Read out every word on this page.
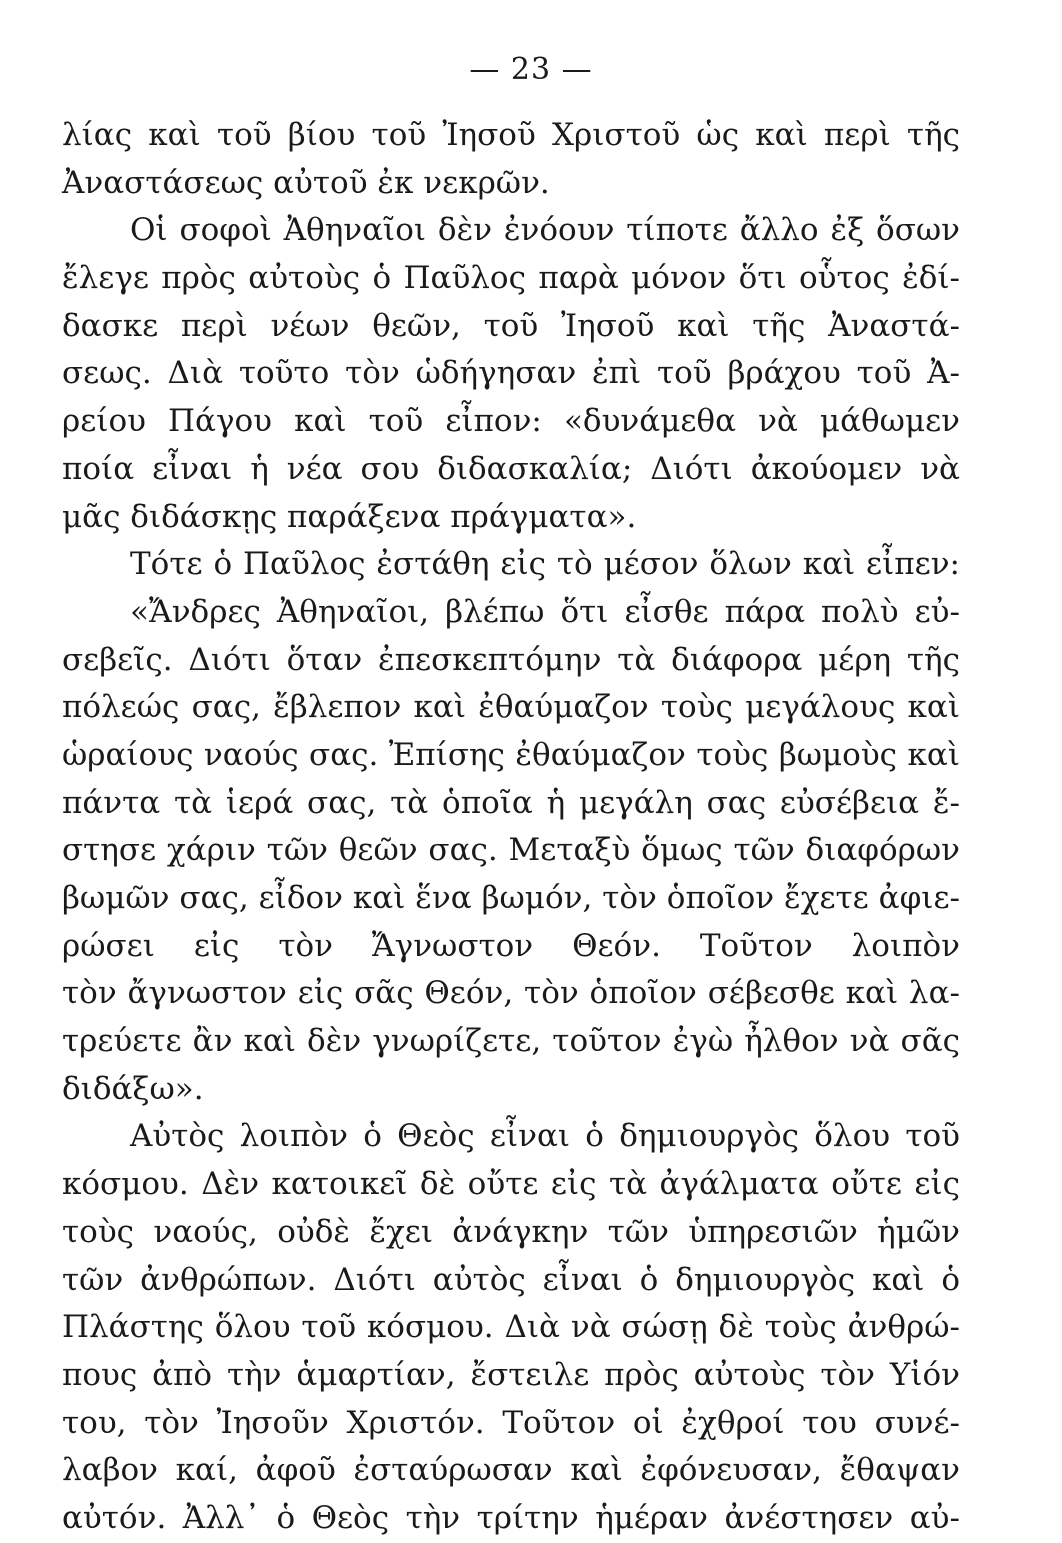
— 23 —
λίας καὶ τοῦ βίου τοῦ Ἰησοῦ Χριστοῦ ὡς καὶ περὶ τῆς
Ἀναστάσεως αὐτοῦ ἐκ νεκρῶν.
Οἱ σοφοὶ Ἀθηναῖοι δὲν ἐνόουν τίποτε ἄλλο ἐξ ὅσων
ἔλεγε πρὸς αὐτοὺς ὁ Παῦλος παρὰ μόνον ὅτι οὗτος ἐδί-
δασκε περὶ νέων θεῶν, τοῦ Ἰησοῦ καὶ τῆς Ἀναστά-
σεως. Διὰ τοῦτο τὸν ὡδήγησαν ἐπὶ τοῦ βράχου τοῦ Ἀ-
ρείου Πάγου καὶ τοῦ εἶπον: «δυνάμεθα νὰ μάθωμεν
ποία εἶναι ἡ νέα σου διδασκαλία; Διότι ἀκούομεν νὰ
μᾶς διδάσκῃς παράξενα πράγματα».
Τότε ὁ Παῦλος ἐστάθη εἰς τὸ μέσον ὅλων καὶ εἶπεν:
«Ἄνδρες Ἀθηναῖοι, βλέπω ὅτι εἶσθε πάρα πολὺ εὐ-
σεβεῖς. Διότι ὅταν ἐπεσκεπτόμην τὰ διάφορα μέρη τῆς
πόλεώς σας, ἔβλεπον καὶ ἐθαύμαζον τοὺς μεγάλους καὶ
ὡραίους ναούς σας. Ἐπίσης ἐθαύμαζον τοὺς βωμοὺς καὶ
πάντα τὰ ἱερά σας, τὰ ὁποῖα ἡ μεγάλη σας εὐσέβεια ἔ-
στησε χάριν τῶν θεῶν σας. Μεταξὺ ὅμως τῶν διαφόρων
βωμῶν σας, εἶδον καὶ ἕνα βωμόν, τὸν ὁποῖον ἔχετε ἀφιε-
ρώσει εἰς τὸν Ἄγνωστον Θεόν. Τοῦτον λοιπὸν
τὸν ἄγνωστον εἰς σᾶς Θεόν, τὸν ὁποῖον σέβεσθε καὶ λα-
τρεύετε ἂν καὶ δὲν γνωρίζετε, τοῦτον ἐγὼ ἦλθον νὰ σᾶς
διδάξω».
Αὐτὸς λοιπὸν ὁ Θεὸς εἶναι ὁ δημιουργὸς ὅλου τοῦ
κόσμου. Δὲν κατοικεῖ δὲ οὔτε εἰς τὰ ἀγάλματα οὔτε εἰς
τοὺς ναούς, οὐδὲ ἔχει ἀνάγκην τῶν ὑπηρεσιῶν ἡμῶν
τῶν ἀνθρώπων. Διότι αὐτὸς εἶναι ὁ δημιουργὸς καὶ ὁ
Πλάστης ὅλου τοῦ κόσμου. Διὰ νὰ σώσῃ δὲ τοὺς ἀνθρώ-
πους ἀπὸ τὴν ἁμαρτίαν, ἔστειλε πρὸς αὐτοὺς τὸν Υἱόν
του, τὸν Ἰησοῦν Χριστόν. Τοῦτον οἱ ἐχθροί του συνέ-
λαβον καί, ἀφοῦ ἐσταύρωσαν καὶ ἐφόνευσαν, ἔθαψαν
αὐτόν. Ἀλλ᾽ ὁ Θεὸς τὴν τρίτην ἡμέραν ἀνέστησεν αὐ-
